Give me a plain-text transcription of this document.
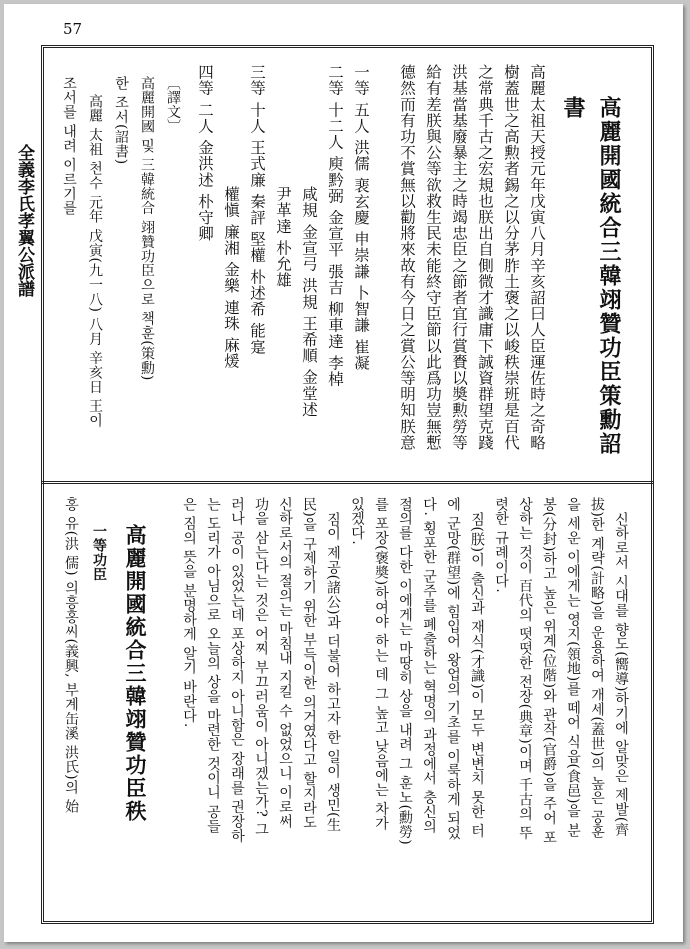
57
全義李氏孝翼公派譜	高麗開國統合三韓翊贊功臣策勳詔
書
高麗太祖天授元年戊寅八月辛亥詔曰人臣運佐時之奇略
樹蓋世之高勲者錫之以分茅胙土褒之以峻秩崇班是百代
之常典千古之宏規也朕出自側微才識庸下誠資群望克踐
洪基當基廢暴主之時竭忠臣之節者宜行賞賚以奬勲勞等
給有差朕與公等欲救生民未能終守臣節以此爲功豈無慙
德然而有功不賞無以勸將來故有今日之賞公等明知朕意
一等 五人 洪儒 裵玄慶 申崇謙 卜智謙 崔凝
二等 十二人 庾黔弼 金宣平 張吉 柳車達 李棹
咸規 金宣弓 洪規 王希順 金堂述
尹革達 朴允雄
三等 十人 王式廉 秦評 堅權 朴述希 能寔
權愼 廉湘 金樂 連珠 麻煖
四等 二人 金洪述 朴守卿
〔譯文〕
高麗開國 및 三韓統合 翊贊功臣으로 책훈(策勳)
한 조서(詔書)
高麗 太祖 천수 元年 戊寅(九一八) 八月 辛亥日 王이
조서를 내려 이르기를
신하로서 시대를 향도(嚮導)하기에 알맞은 제발(齊
拔)한 계략(計略)을 운용하여 개세(蓋世)의 높은 공훈
을 세운 이에게는 영지(領地)를 떼어 식읍(食邑)을 분
봉(分封)하고 높은 위계(位階)와 관작(官爵)을 주어 포
상하는 것이 百代의 떳떳한 전장(典章)이며 千古의 뚜
렷한 규례이다.
짐(朕)이 출신과 재식(才識)이 모두 변변치 못한 터
에 군망(群望)에 힘입어 왕업의 기초를 이룩하게 되었
다. 횡포한 군주를 폐출하는 혁명의 과정에서 충신의
절의를 다한 이에게는 마땅히 상을 내려 그 훈노(勳勞)
를 포장(褒奬)하여야 하는 데 그 높고 낮음에는 차가
있겠다.
짐이 제공(諸公)과 더불어 하고자 한 일이 생민(生
民)을 구제하기 위한 부득이한 의거였다고 할지라도
신하로서의 절의는 마침내 지킬 수 없었으니 이로써
功을 삼는다는 것은 어찌 부끄러움이 아니겠는가? 그
러나 공이 있었는데 포상하지 아니함은 장래를 권장하
는 도리가 아님으로 오늘의 상을 마련한 것이니 공들
은 짐의 뜻을 분명하게 알기 바란다.
高麗開國統合三韓翊贊功臣秩
一等功臣
홍 유(洪 儒) 의흥홍씨(義興, 부계缶溪 洪氏)의 始
